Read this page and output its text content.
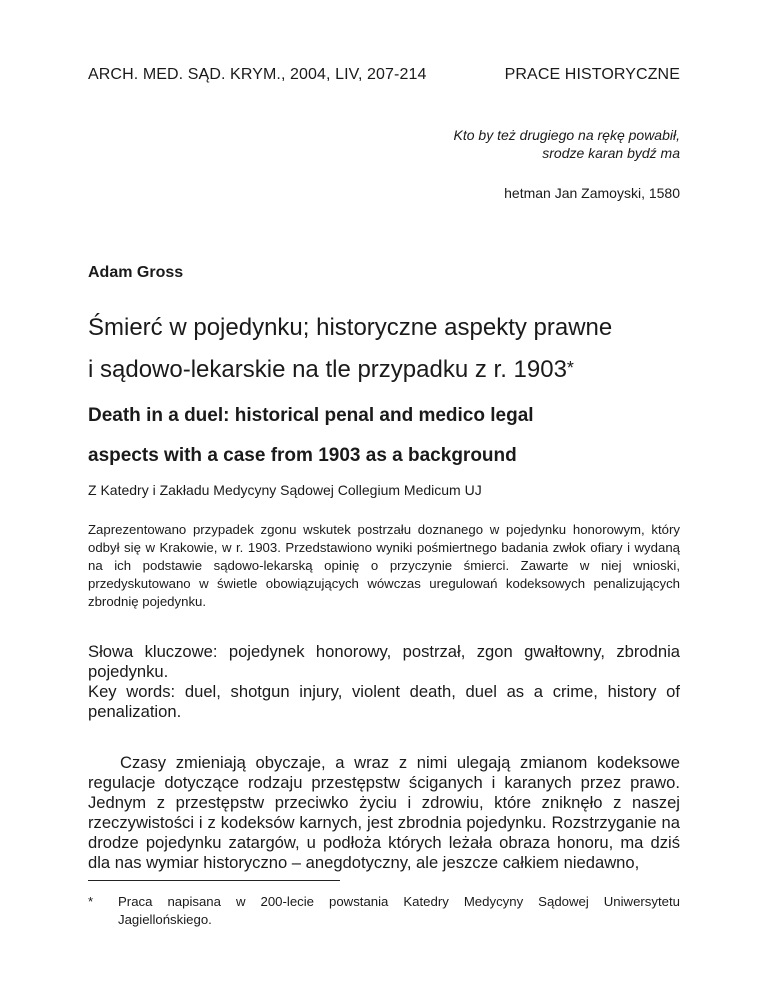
ARCH. MED. SĄD. KRYM., 2004, LIV, 207-214	PRACE HISTORYCZNE
Kto by też drugiego na rękę powabił,
srodze karan bydź ma
hetman Jan Zamoyski, 1580
Adam Gross
Śmierć w pojedynku; historyczne aspekty prawne
i sądowo-lekarskie na tle przypadku z r. 1903*
Death in a duel: historical penal and medico legal
aspects with a case from 1903 as a background
Z Katedry i Zakładu Medycyny Sądowej Collegium Medicum UJ

Zaprezentowano przypadek zgonu wskutek postrzału doznanego w pojedynku honorowym, który odbył się w Krakowie, w r. 1903. Przedstawiono wyniki pośmiertnego badania zwłok ofiary i wydaną na ich podstawie sądowo-lekarską opinię o przyczynie śmierci. Zawarte w niej wnioski, przedyskutowano w świetle obowiązujących wówczas uregulowań kodeksowych penalizujących zbrodnię pojedynku.

Słowa kluczowe: pojedynek honorowy, postrzał, zgon gwałtowny, zbrodnia pojedynku.

Key words: duel, shotgun injury, violent death, duel as a crime, history of penalization.

Czasy zmieniają obyczaje, a wraz z nimi ulegają zmianom kodeksowe regulacje dotyczące rodzaju przestępstw ściganych i karanych przez prawo. Jednym z przestępstw przeciwko życiu i zdrowiu, które zniknęło z naszej rzeczywistości i z kodeksów karnych, jest zbrodnia pojedynku. Rozstrzyganie na drodze pojedynku zatargów, u podłoża których leżała obraza honoru, ma dziś dla nas wymiar historyczno – anegdotyczny, ale jeszcze całkiem niedawno,

* Praca napisana w 200-lecie powstania Katedry Medycyny Sądowej Uniwersytetu Jagiellońskiego.
